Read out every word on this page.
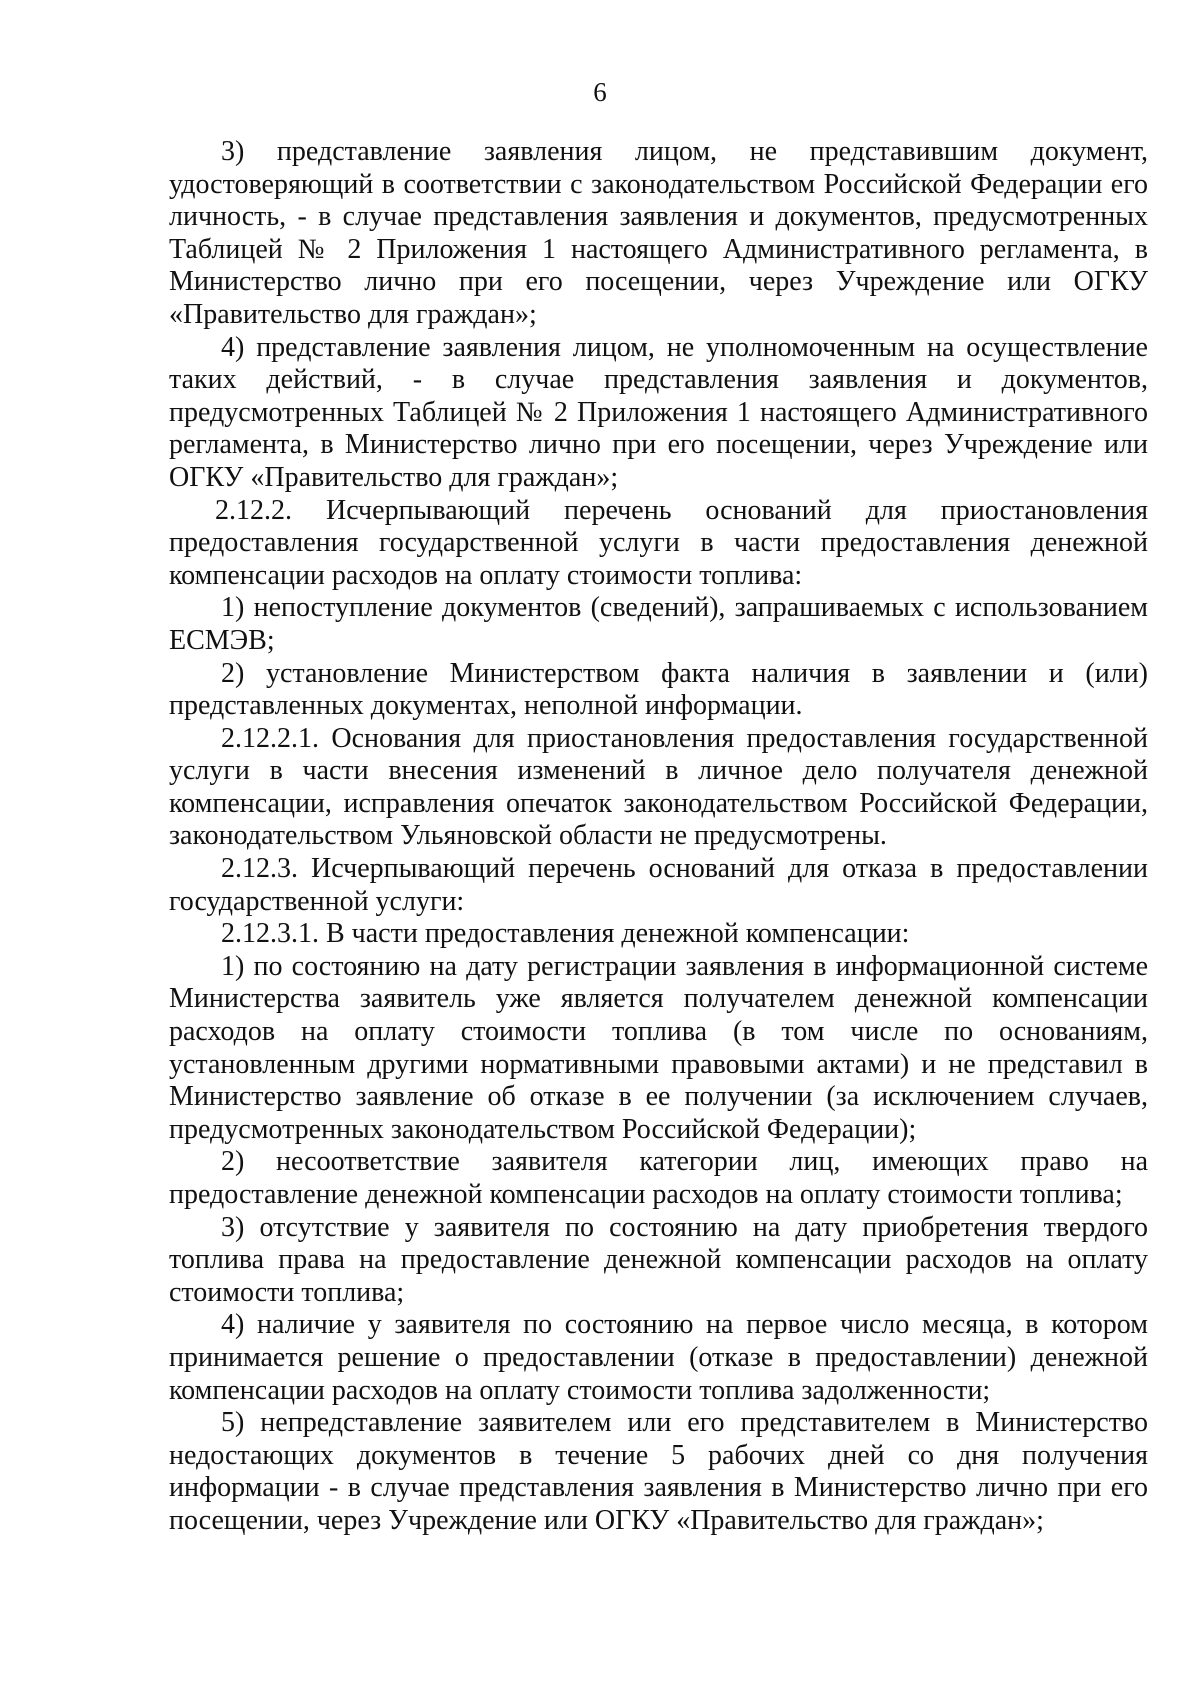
6

3) представление заявления лицом, не представившим документ, удостоверяющий в соответствии с законодательством Российской Федерации его личность, - в случае представления заявления и документов, предусмотренных Таблицей № 2 Приложения 1 настоящего Административного регламента, в Министерство лично при его посещении, через Учреждение или ОГКУ «Правительство для граждан»;

4) представление заявления лицом, не уполномоченным на осуществление таких действий, - в случае представления заявления и документов, предусмотренных Таблицей № 2 Приложения 1 настоящего Административного регламента, в Министерство лично при его посещении, через Учреждение или ОГКУ «Правительство для граждан»;

2.12.2. Исчерпывающий перечень оснований для приостановления предоставления государственной услуги в части предоставления денежной компенсации расходов на оплату стоимости топлива:

1) непоступление документов (сведений), запрашиваемых с использованием ЕСМЭВ;

2) установление Министерством факта наличия в заявлении и (или) представленных документах, неполной информации.

2.12.2.1. Основания для приостановления предоставления государственной услуги в части внесения изменений в личное дело получателя денежной компенсации, исправления опечаток законодательством Российской Федерации, законодательством Ульяновской области не предусмотрены.

2.12.3. Исчерпывающий перечень оснований для отказа в предоставлении государственной услуги:

2.12.3.1. В части предоставления денежной компенсации:

1) по состоянию на дату регистрации заявления в информационной системе Министерства заявитель уже является получателем денежной компенсации расходов на оплату стоимости топлива (в том числе по основаниям, установленным другими нормативными правовыми актами) и не представил в Министерство заявление об отказе в ее получении (за исключением случаев, предусмотренных законодательством Российской Федерации);

2) несоответствие заявителя категории лиц, имеющих право на предоставление денежной компенсации расходов на оплату стоимости топлива;

3) отсутствие у заявителя по состоянию на дату приобретения твердого топлива права на предоставление денежной компенсации расходов на оплату стоимости топлива;

4) наличие у заявителя по состоянию на первое число месяца, в котором принимается решение о предоставлении (отказе в предоставлении) денежной компенсации расходов на оплату стоимости топлива задолженности;

5) непредставление заявителем или его представителем в Министерство недостающих документов в течение 5 рабочих дней со дня получения информации - в случае представления заявления в Министерство лично при его посещении, через Учреждение или ОГКУ «Правительство для граждан»;
